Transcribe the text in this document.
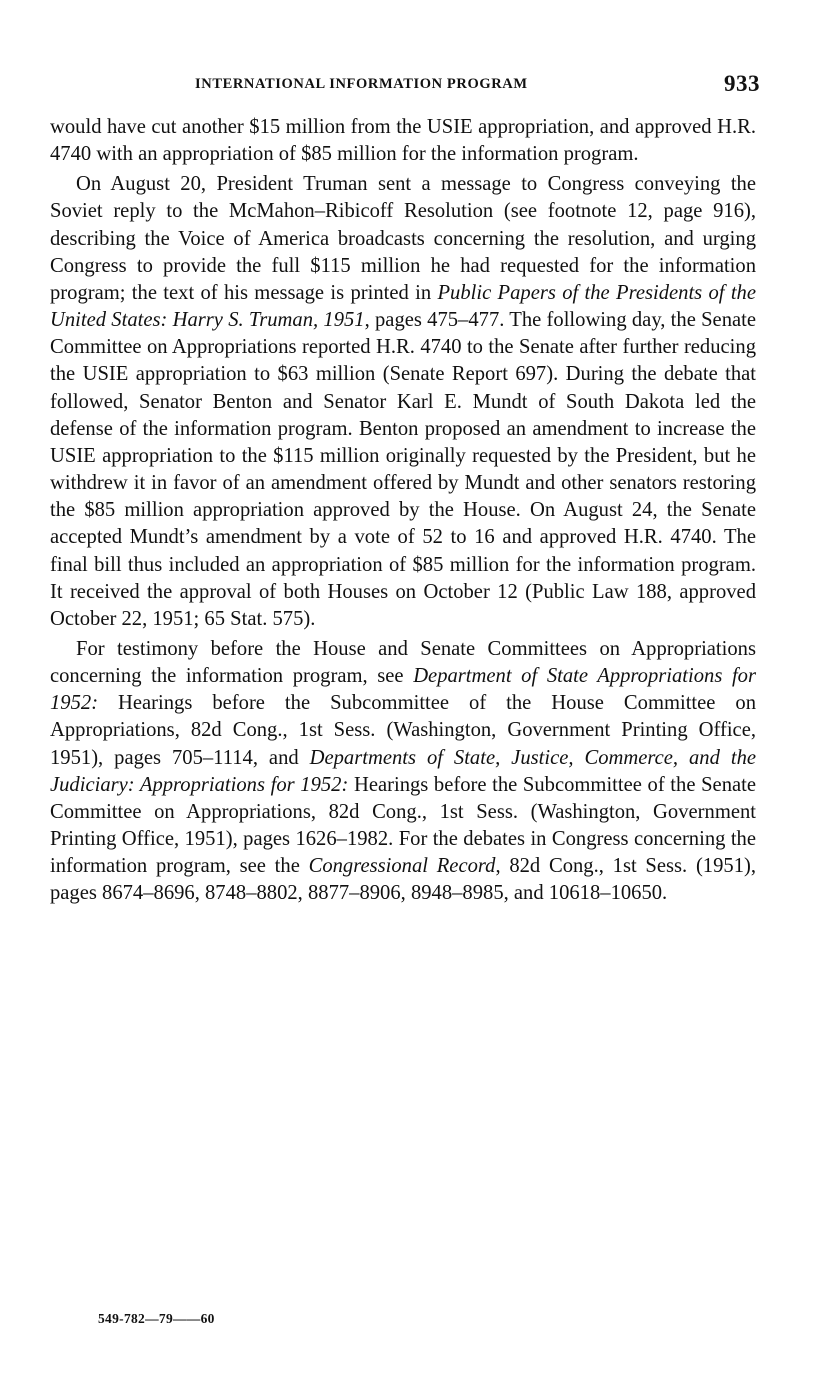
INTERNATIONAL INFORMATION PROGRAM	933

would have cut another $15 million from the USIE appropriation, and approved H.R. 4740 with an appropriation of $85 million for the information program.

On August 20, President Truman sent a message to Congress conveying the Soviet reply to the McMahon–Ribicoff Resolution (see footnote 12, page 916), describing the Voice of America broadcasts concerning the resolution, and urging Congress to provide the full $115 million he had requested for the information program; the text of his message is printed in Public Papers of the Presidents of the United States: Harry S. Truman, 1951, pages 475–477. The following day, the Senate Committee on Appropriations reported H.R. 4740 to the Senate after further reducing the USIE appropriation to $63 million (Senate Report 697). During the debate that followed, Senator Benton and Senator Karl E. Mundt of South Dakota led the defense of the information program. Benton proposed an amendment to increase the USIE appropriation to the $115 million originally requested by the President, but he withdrew it in favor of an amendment offered by Mundt and other senators restoring the $85 million appropriation approved by the House. On August 24, the Senate accepted Mundt’s amendment by a vote of 52 to 16 and approved H.R. 4740. The final bill thus included an appropriation of $85 million for the information program. It received the approval of both Houses on October 12 (Public Law 188, approved October 22, 1951; 65 Stat. 575).

For testimony before the House and Senate Committees on Appropriations concerning the information program, see Department of State Appropriations for 1952: Hearings before the Subcommittee of the House Committee on Appropriations, 82d Cong., 1st Sess. (Washington, Government Printing Office, 1951), pages 705–1114, and Departments of State, Justice, Commerce, and the Judiciary: Appropriations for 1952: Hearings before the Subcommittee of the Senate Committee on Appropriations, 82d Cong., 1st Sess. (Washington, Government Printing Office, 1951), pages 1626–1982. For the debates in Congress concerning the information program, see the Congressional Record, 82d Cong., 1st Sess. (1951), pages 8674–8696, 8748–8802, 8877–8906, 8948–8985, and 10618–10650.

549-782—79——60
